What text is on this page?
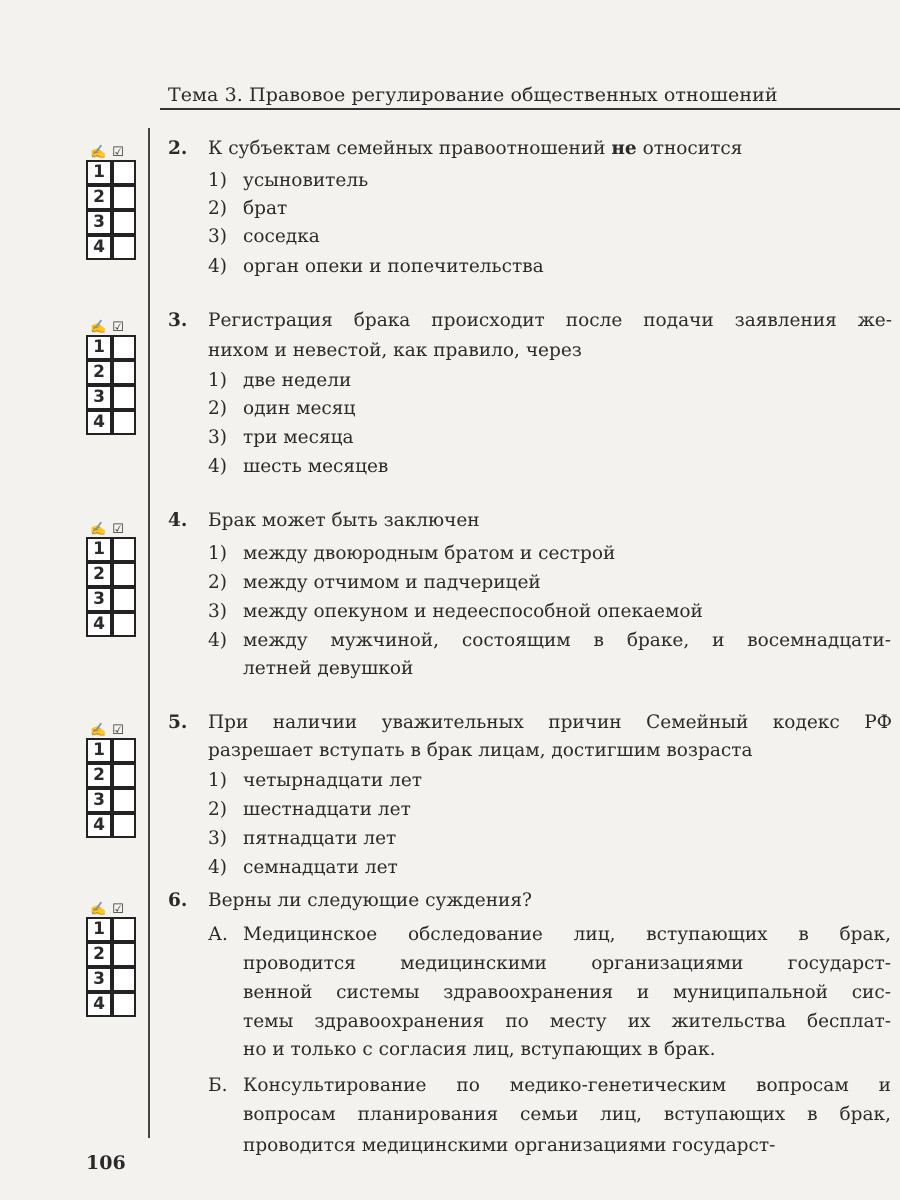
Тема 3. Правовое регулирование общественных отношений
2. К субъектам семейных правоотношений не относится
1) усыновитель
2) брат
3) соседка
4) орган опеки и попечительства
✍ ☑
1
2
3
4
3. Регистрация брака происходит после подачи заявления же-
нихом и невестой, как правило, через
1) две недели
2) один месяц
3) три месяца
4) шесть месяцев
✍ ☑
1
2
3
4
4. Брак может быть заключен
1) между двоюродным братом и сестрой
2) между отчимом и падчерицей
3) между опекуном и недееспособной опекаемой
4) между мужчиной, состоящим в браке, и восемнадцати-
летней девушкой
✍ ☑
1
2
3
4
5. При наличии уважительных причин Семейный кодекс РФ
разрешает вступать в брак лицам, достигшим возраста
1) четырнадцати лет
2) шестнадцати лет
3) пятнадцати лет
4) семнадцати лет
✍ ☑
1
2
3
4
6. Верны ли следующие суждения?
А. Медицинское обследование лиц, вступающих в брак,
проводится медицинскими организациями государст-
венной системы здравоохранения и муниципальной сис-
темы здравоохранения по месту их жительства бесплат-
но и только с согласия лиц, вступающих в брак.
Б. Консультирование по медико-генетическим вопросам и
вопросам планирования семьи лиц, вступающих в брак,
проводится медицинскими организациями государст-
✍ ☑
1
2
3
4
106
